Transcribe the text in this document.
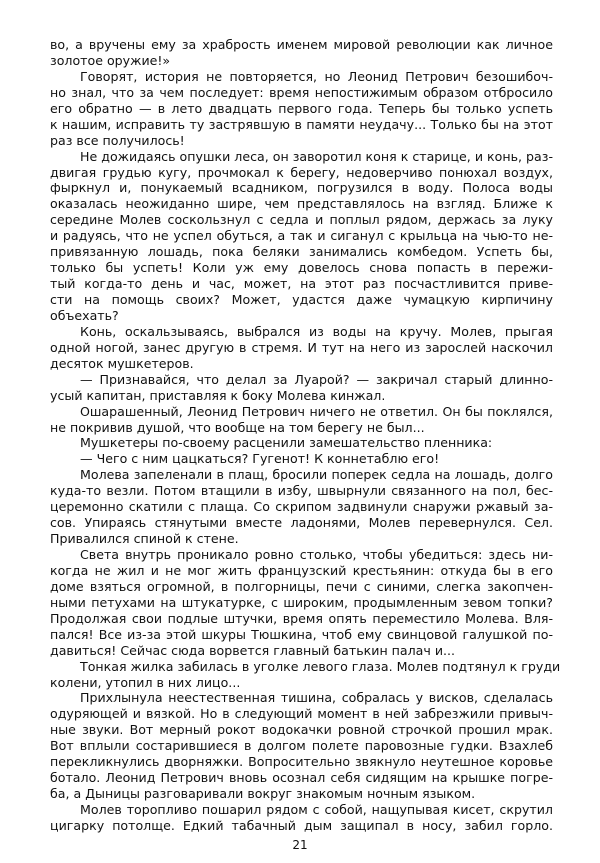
во, а вручены ему за храбрость именем мировой революции как личное
золотое оружие!»
Говорят, история не повторяется, но Леонид Петрович безошибоч-
но знал, что за чем последует: время непостижимым образом отбросило
его обратно — в лето двадцать первого года. Теперь бы только успеть
к нашим, исправить ту застрявшую в памяти неудачу... Только бы на этот
раз все получилось!
Не дожидаясь опушки леса, он заворотил коня к старице, и конь, раз-
двигая грудью кугу, прочмокал к берегу, недоверчиво понюхал воздух,
фыркнул и, понукаемый всадником, погрузился в воду. Полоса воды
оказалась неожиданно шире, чем представлялось на взгляд. Ближе к
середине Молев соскользнул с седла и поплыл рядом, держась за луку
и радуясь, что не успел обуться, а так и сиганул с крыльца на чью-то не-
привязанную лошадь, пока беляки занимались комбедом. Успеть бы,
только бы успеть! Коли уж ему довелось снова попасть в пережи-
тый когда-то день и час, может, на этот раз посчастливится приве-
сти на помощь своих? Может, удастся даже чумацкую кирпичину
объехать?
Конь, оскальзываясь, выбрался из воды на кручу. Молев, прыгая
одной ногой, занес другую в стремя. И тут на него из зарослей наскочил
десяток мушкетеров.
— Признавайся, что делал за Луарой? — закричал старый длинно-
усый капитан, приставляя к боку Молева кинжал.
Ошарашенный, Леонид Петрович ничего не ответил. Он бы поклялся,
не покривив душой, что вообще на том берегу не был...
Мушкетеры по-своему расценили замешательство пленника:
— Чего с ним цацкаться? Гугенот! К коннетаблю его!
Молева запеленали в плащ, бросили поперек седла на лошадь, долго
куда-то везли. Потом втащили в избу, швырнули связанного на пол, бес-
церемонно скатили с плаща. Со скрипом задвинули снаружи ржавый за-
сов. Упираясь стянутыми вместе ладонями, Молев перевернулся. Сел.
Привалился спиной к стене.
Света внутрь проникало ровно столько, чтобы убедиться: здесь ни-
когда не жил и не мог жить французский крестьянин: откуда бы в его
доме взяться огромной, в полгорницы, печи с синими, слегка закопчен-
ными петухами на штукатурке, с широким, продымленным зевом топки?
Продолжая свои подлые штучки, время опять переместило Молева. Вля-
пался! Все из-за этой шкуры Тюшкина, чтоб ему свинцовой галушкой по-
давиться! Сейчас сюда ворвется главный батькин палач и...
Тонкая жилка забилась в уголке левого глаза. Молев подтянул к груди
колени, утопил в них лицо...
Прихлынула неестественная тишина, собралась у висков, сделалась
одуряющей и вязкой. Но в следующий момент в ней забрезжили привыч-
ные звуки. Вот мерный рокот водокачки ровной строчкой прошил мрак.
Вот вплыли состарившиеся в долгом полете паровозные гудки. Взахлеб
перекликнулись дворняжки. Вопросительно звякнуло неутешное коровье
ботало. Леонид Петрович вновь осознал себя сидящим на крышке погре-
ба, а Дыницы разговаривали вокруг знакомым ночным языком.
Молев торопливо пошарил рядом с собой, нащупывая кисет, скрутил
цигарку потолще. Едкий табачный дым защипал в носу, забил горло.
21
